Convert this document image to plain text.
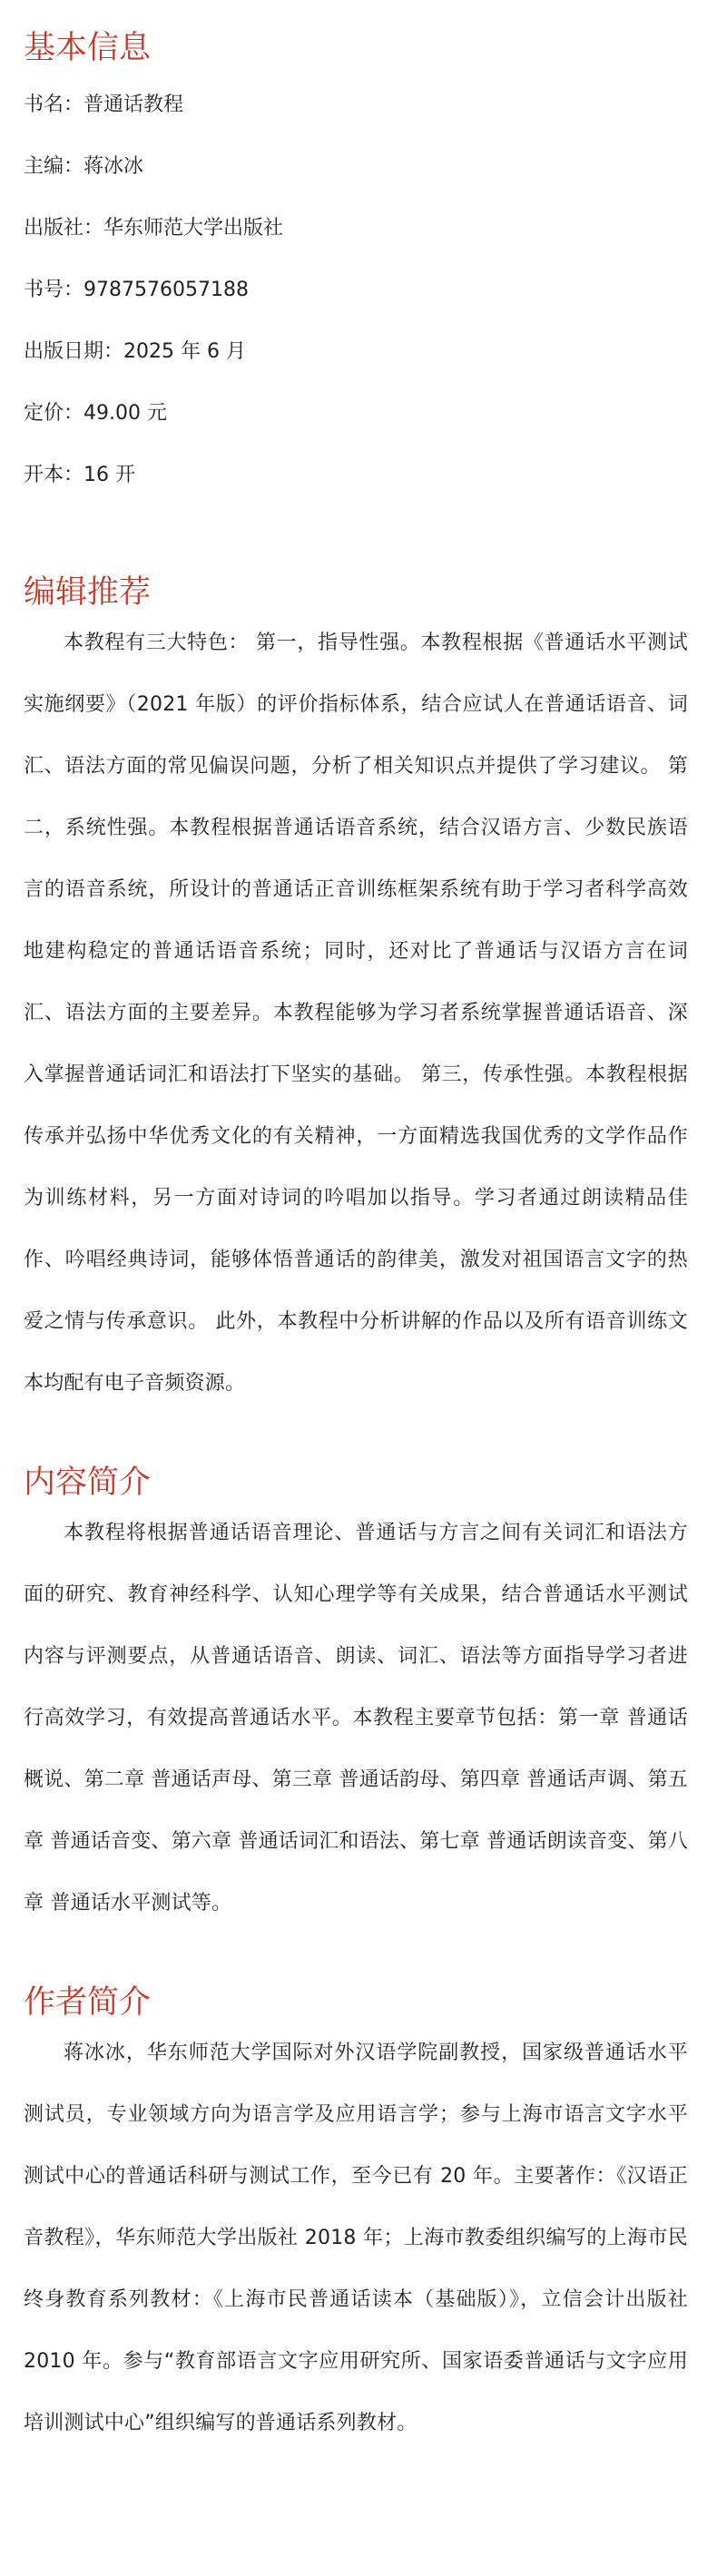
基本信息

书名：普通话教程

主编：蒋冰冰

出版社：华东师范大学出版社

书号：9787576057188

出版日期：2025 年 6 月

定价：49.00 元

开本：16 开

编辑推荐

本教程有三大特色： 第一，指导性强。本教程根据《普通话水平测试实施纲要》（2021 年版）的评价指标体系，结合应试人在普通话语音、词汇、语法方面的常见偏误问题，分析了相关知识点并提供了学习建议。 第二，系统性强。本教程根据普通话语音系统，结合汉语方言、少数民族语言的语音系统，所设计的普通话正音训练框架系统有助于学习者科学高效地建构稳定的普通话语音系统；同时，还对比了普通话与汉语方言在词汇、语法方面的主要差异。本教程能够为学习者系统掌握普通话语音、深入掌握普通话词汇和语法打下坚实的基础。 第三，传承性强。本教程根据传承并弘扬中华优秀文化的有关精神，一方面精选我国优秀的文学作品作为训练材料，另一方面对诗词的吟唱加以指导。学习者通过朗读精品佳作、吟唱经典诗词，能够体悟普通话的韵律美，激发对祖国语言文字的热爱之情与传承意识。 此外，本教程中分析讲解的作品以及所有语音训练文本均配有电子音频资源。

内容简介

本教程将根据普通话语音理论、普通话与方言之间有关词汇和语法方面的研究、教育神经科学、认知心理学等有关成果，结合普通话水平测试内容与评测要点，从普通话语音、朗读、词汇、语法等方面指导学习者进行高效学习，有效提高普通话水平。本教程主要章节包括：第一章 普通话概说、第二章 普通话声母、第三章 普通话韵母、第四章 普通话声调、第五章 普通话音变、第六章 普通话词汇和语法、第七章 普通话朗读音变、第八章 普通话水平测试等。

作者简介

蒋冰冰，华东师范大学国际对外汉语学院副教授，国家级普通话水平测试员，专业领域方向为语言学及应用语言学；参与上海市语言文字水平测试中心的普通话科研与测试工作，至今已有 20 年。主要著作：《汉语正音教程》，华东师范大学出版社 2018 年；上海市教委组织编写的上海市民终身教育系列教材：《上海市民普通话读本（基础版）》，立信会计出版社 2010 年。参与“教育部语言文字应用研究所、国家语委普通话与文字应用培训测试中心”组织编写的普通话系列教材。
